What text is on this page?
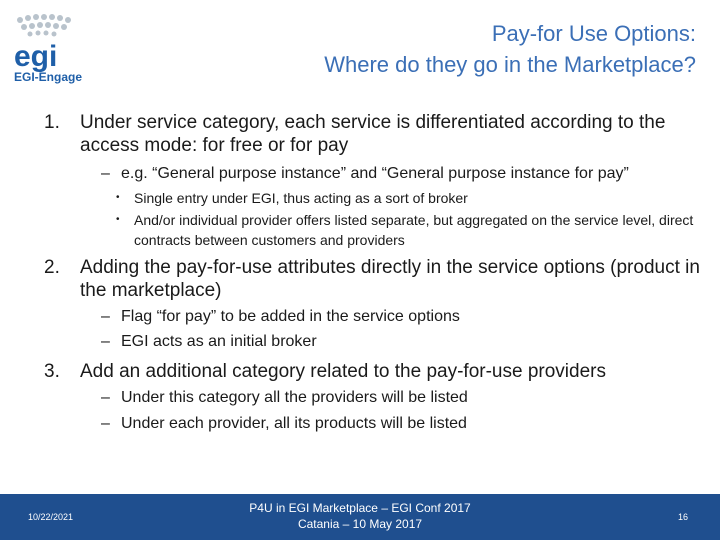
egi
EGI-Engage
Pay-for Use Options:
Where do they go in the Marketplace?
1. Under service category, each service is differentiated according to the access mode: for free or for pay
– e.g. “General purpose instance” and “General purpose instance for pay”
• Single entry under EGI, thus acting as a sort of broker
• And/or individual provider offers listed separate, but aggregated on the service level, direct contracts between customers and providers
2. Adding the pay-for-use attributes directly in the service options (product in the marketplace)
– Flag “for pay” to be added in the service options
– EGI acts as an initial broker
3. Add an additional category related to the pay-for-use providers
– Under this category all the providers will be listed
– Under each provider, all its products will be listed
10/22/2021
P4U in EGI Marketplace – EGI Conf 2017
Catania – 10 May 2017	16
